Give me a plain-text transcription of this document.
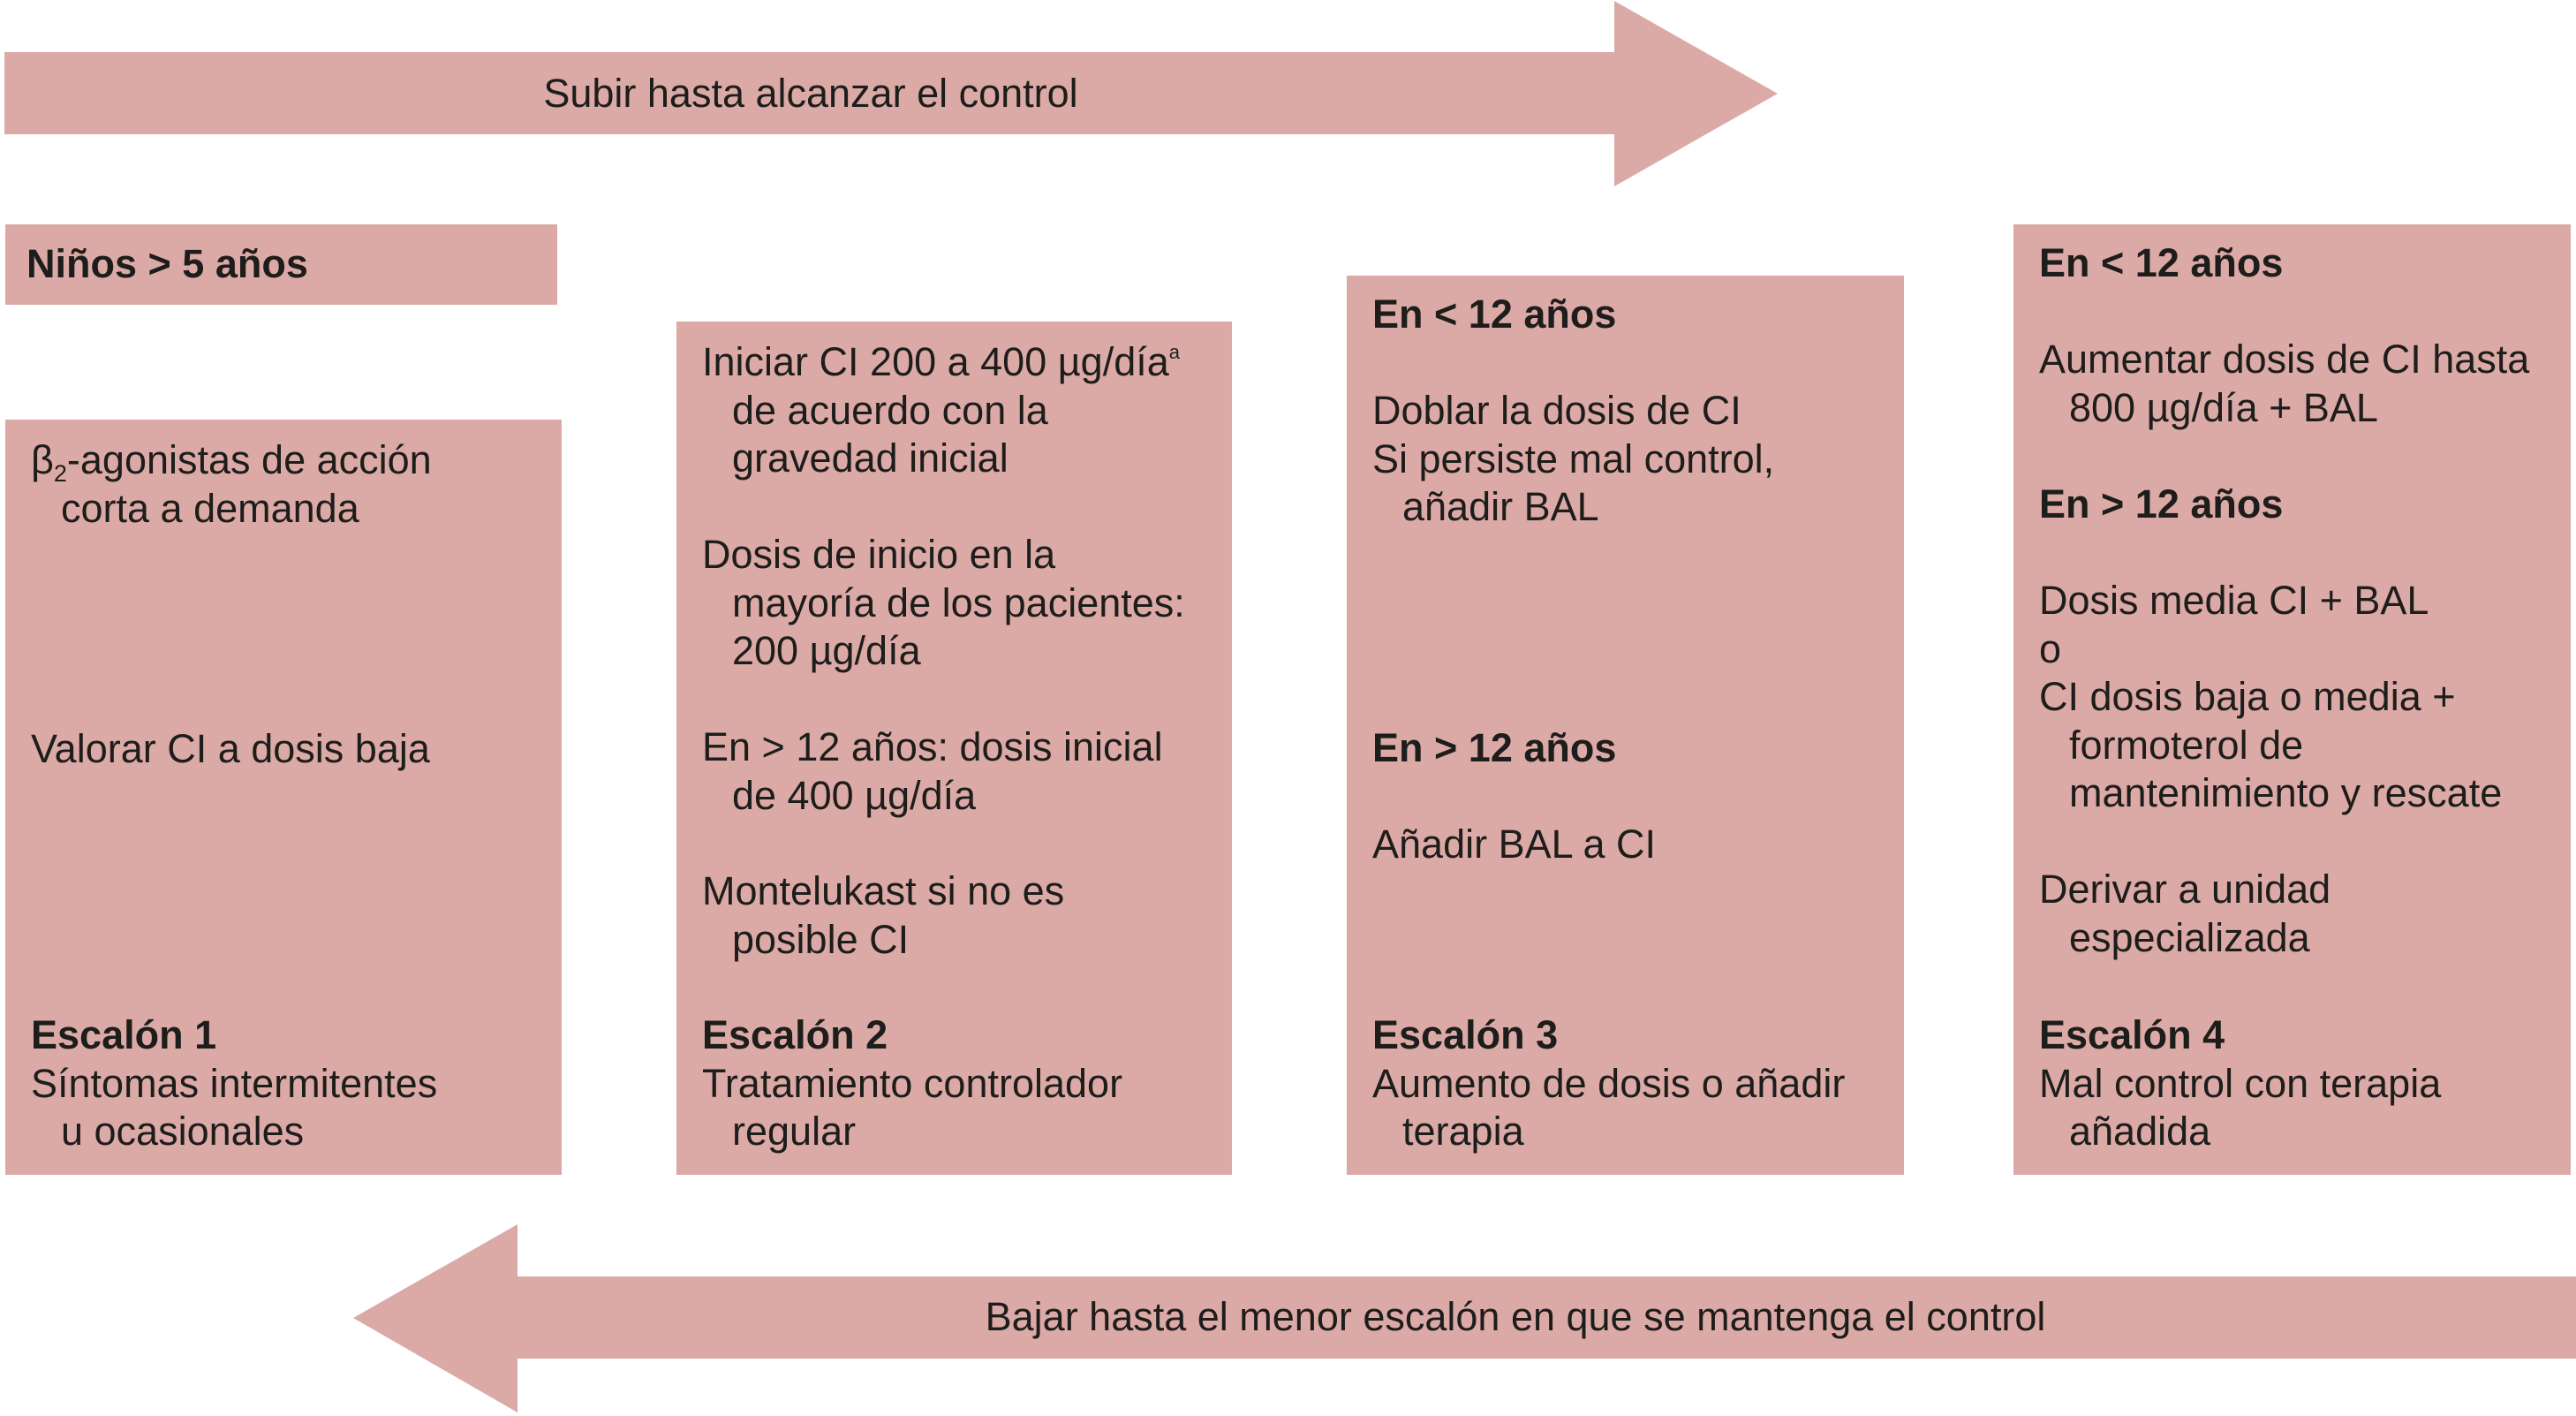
Subir hasta alcanzar el control
Bajar hasta el menor escalón en que se mantenga el control
Niños > 5 años
$\beta_2$-agonistas de acción
corta a demanda
Valorar CI a dosis baja
Escalón 1
Síntomas intermitentes
u ocasionales
Iniciar CI 200 a 400 µg/día$^a$
de acuerdo con la
gravedad inicial
Dosis de inicio en la
mayoría de los pacientes:
200 µg/día
En > 12 años: dosis inicial
de 400 µg/día
Montelukast si no es
posible CI
Escalón 2
Tratamiento controlador
regular
En < 12 años
Doblar la dosis de CI
Si persiste mal control,
añadir BAL
En > 12 años
Añadir BAL a CI
Escalón 3
Aumento de dosis o añadir
terapia
En < 12 años
Aumentar dosis de CI hasta
800 µg/día + BAL
En > 12 años
Dosis media CI + BAL
o
CI dosis baja o media +
formoterol de
mantenimiento y rescate
Derivar a unidad
especializada
Escalón 4
Mal control con terapia
añadida
